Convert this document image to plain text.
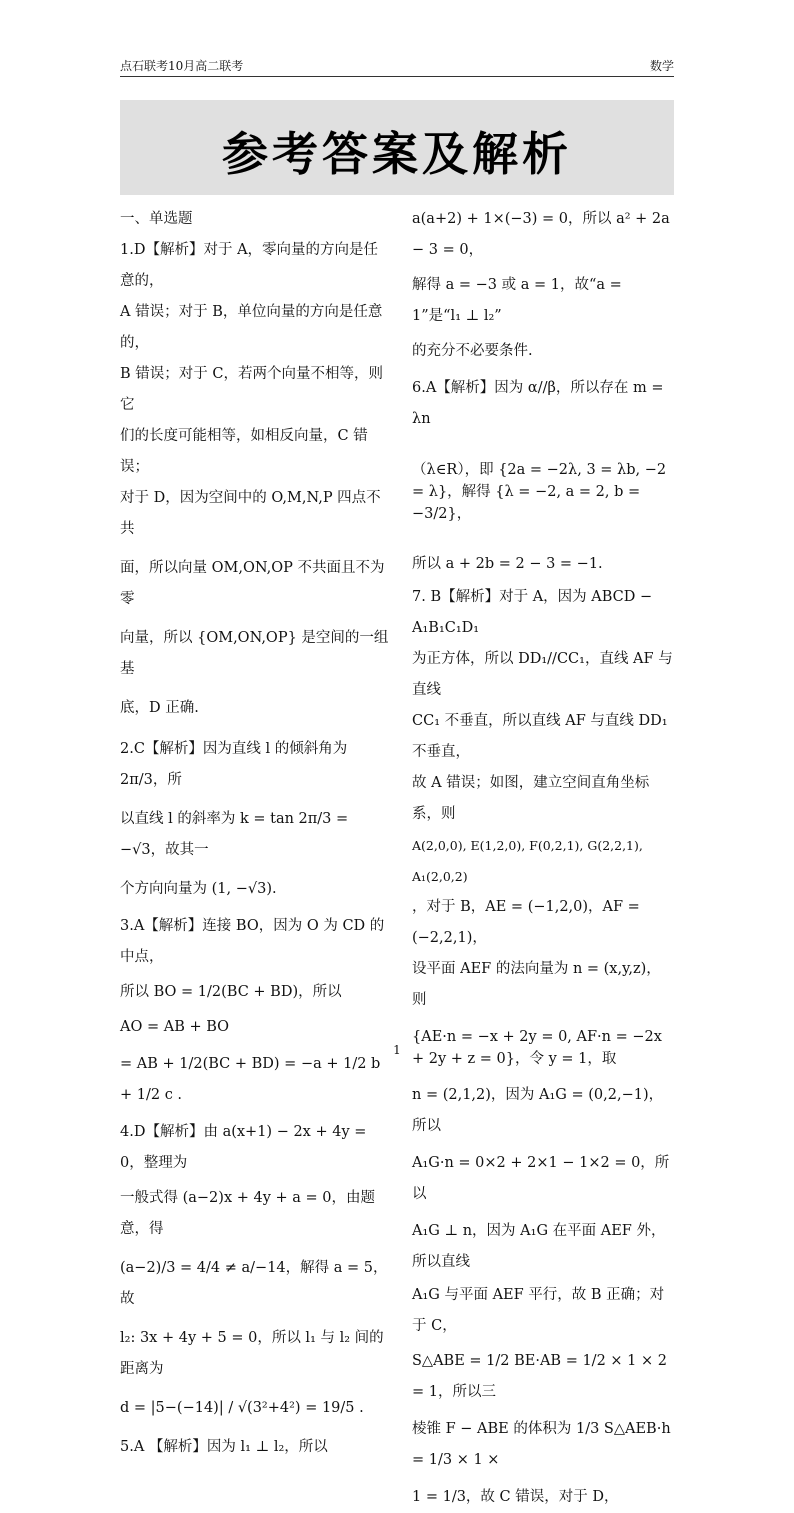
点石联考10月高二联考	数学
参考答案及解析
一、单选题
1.D【解析】对于 A，零向量的方向是任意的，
A 错误；对于 B，单位向量的方向是任意的，
B 错误；对于 C，若两个向量不相等，则它
们的长度可能相等，如相反向量，C 错误；
对于 D，因为空间中的 O,M,N,P 四点不共
面，所以向量 OM,ON,OP 不共面且不为零
向量，所以 {OM,ON,OP} 是空间的一组基
底，D 正确.
2.C【解析】因为直线 l 的倾斜角为 2π/3，所
以直线 l 的斜率为 k = tan 2π/3 = −√3，故其一
个方向向量为 (1, −√3).
3.A【解析】连接 BO，因为 O 为 CD 的中点，
所以 BO = 1/2(BC + BD)，所以
AO = AB + BO
= AB + 1/2(BC + BD) = −a + 1/2 b + 1/2 c .
4.D【解析】由 a(x+1) − 2x + 4y = 0，整理为
一般式得 (a−2)x + 4y + a = 0，由题意，得
(a−2)/3 = 4/4 ≠ a/−14，解得 a = 5，故
l₂: 3x + 4y + 5 = 0，所以 l₁ 与 l₂ 间的距离为
d = |5−(−14)| / √(3²+4²) = 19/5 .
5.A 【解析】因为 l₁ ⊥ l₂，所以
a(a+2) + 1×(−3) = 0，所以 a² + 2a − 3 = 0，
解得 a = −3 或 a = 1，故“a = 1”是“l₁ ⊥ l₂”
的充分不必要条件.
6.A【解析】因为 α//β，所以存在 m = λn
（λ∈R），即 {2a = −2λ, 3 = λb, −2 = λ}，解得 {λ = −2, a = 2, b = −3/2}，
所以 a + 2b = 2 − 3 = −1.
7. B【解析】对于 A，因为 ABCD − A₁B₁C₁D₁
为正方体，所以 DD₁//CC₁，直线 AF 与直线
CC₁ 不垂直，所以直线 AF 与直线 DD₁ 不垂直，
故 A 错误；如图，建立空间直角坐标系，则
A(2,0,0), E(1,2,0), F(0,2,1), G(2,2,1), A₁(2,0,2)
，对于 B，AE = (−1,2,0)，AF = (−2,2,1)，
设平面 AEF 的法向量为 n = (x,y,z)，则
{AE·n = −x + 2y = 0, AF·n = −2x + 2y + z = 0}，令 y = 1，取
n = (2,1,2)，因为 A₁G = (0,2,−1)，所以
A₁G·n = 0×2 + 2×1 − 1×2 = 0，所以
A₁G ⊥ n，因为 A₁G 在平面 AEF 外，所以直线
A₁G 与平面 AEF 平行，故 B 正确；对于 C，
S△ABE = 1/2 BE·AB = 1/2 × 1 × 2 = 1，所以三
棱锥 F − ABE 的体积为 1/3 S△AEB·h = 1/3 × 1 ×
1 = 1/3，故 C 错误，对于 D，
1
